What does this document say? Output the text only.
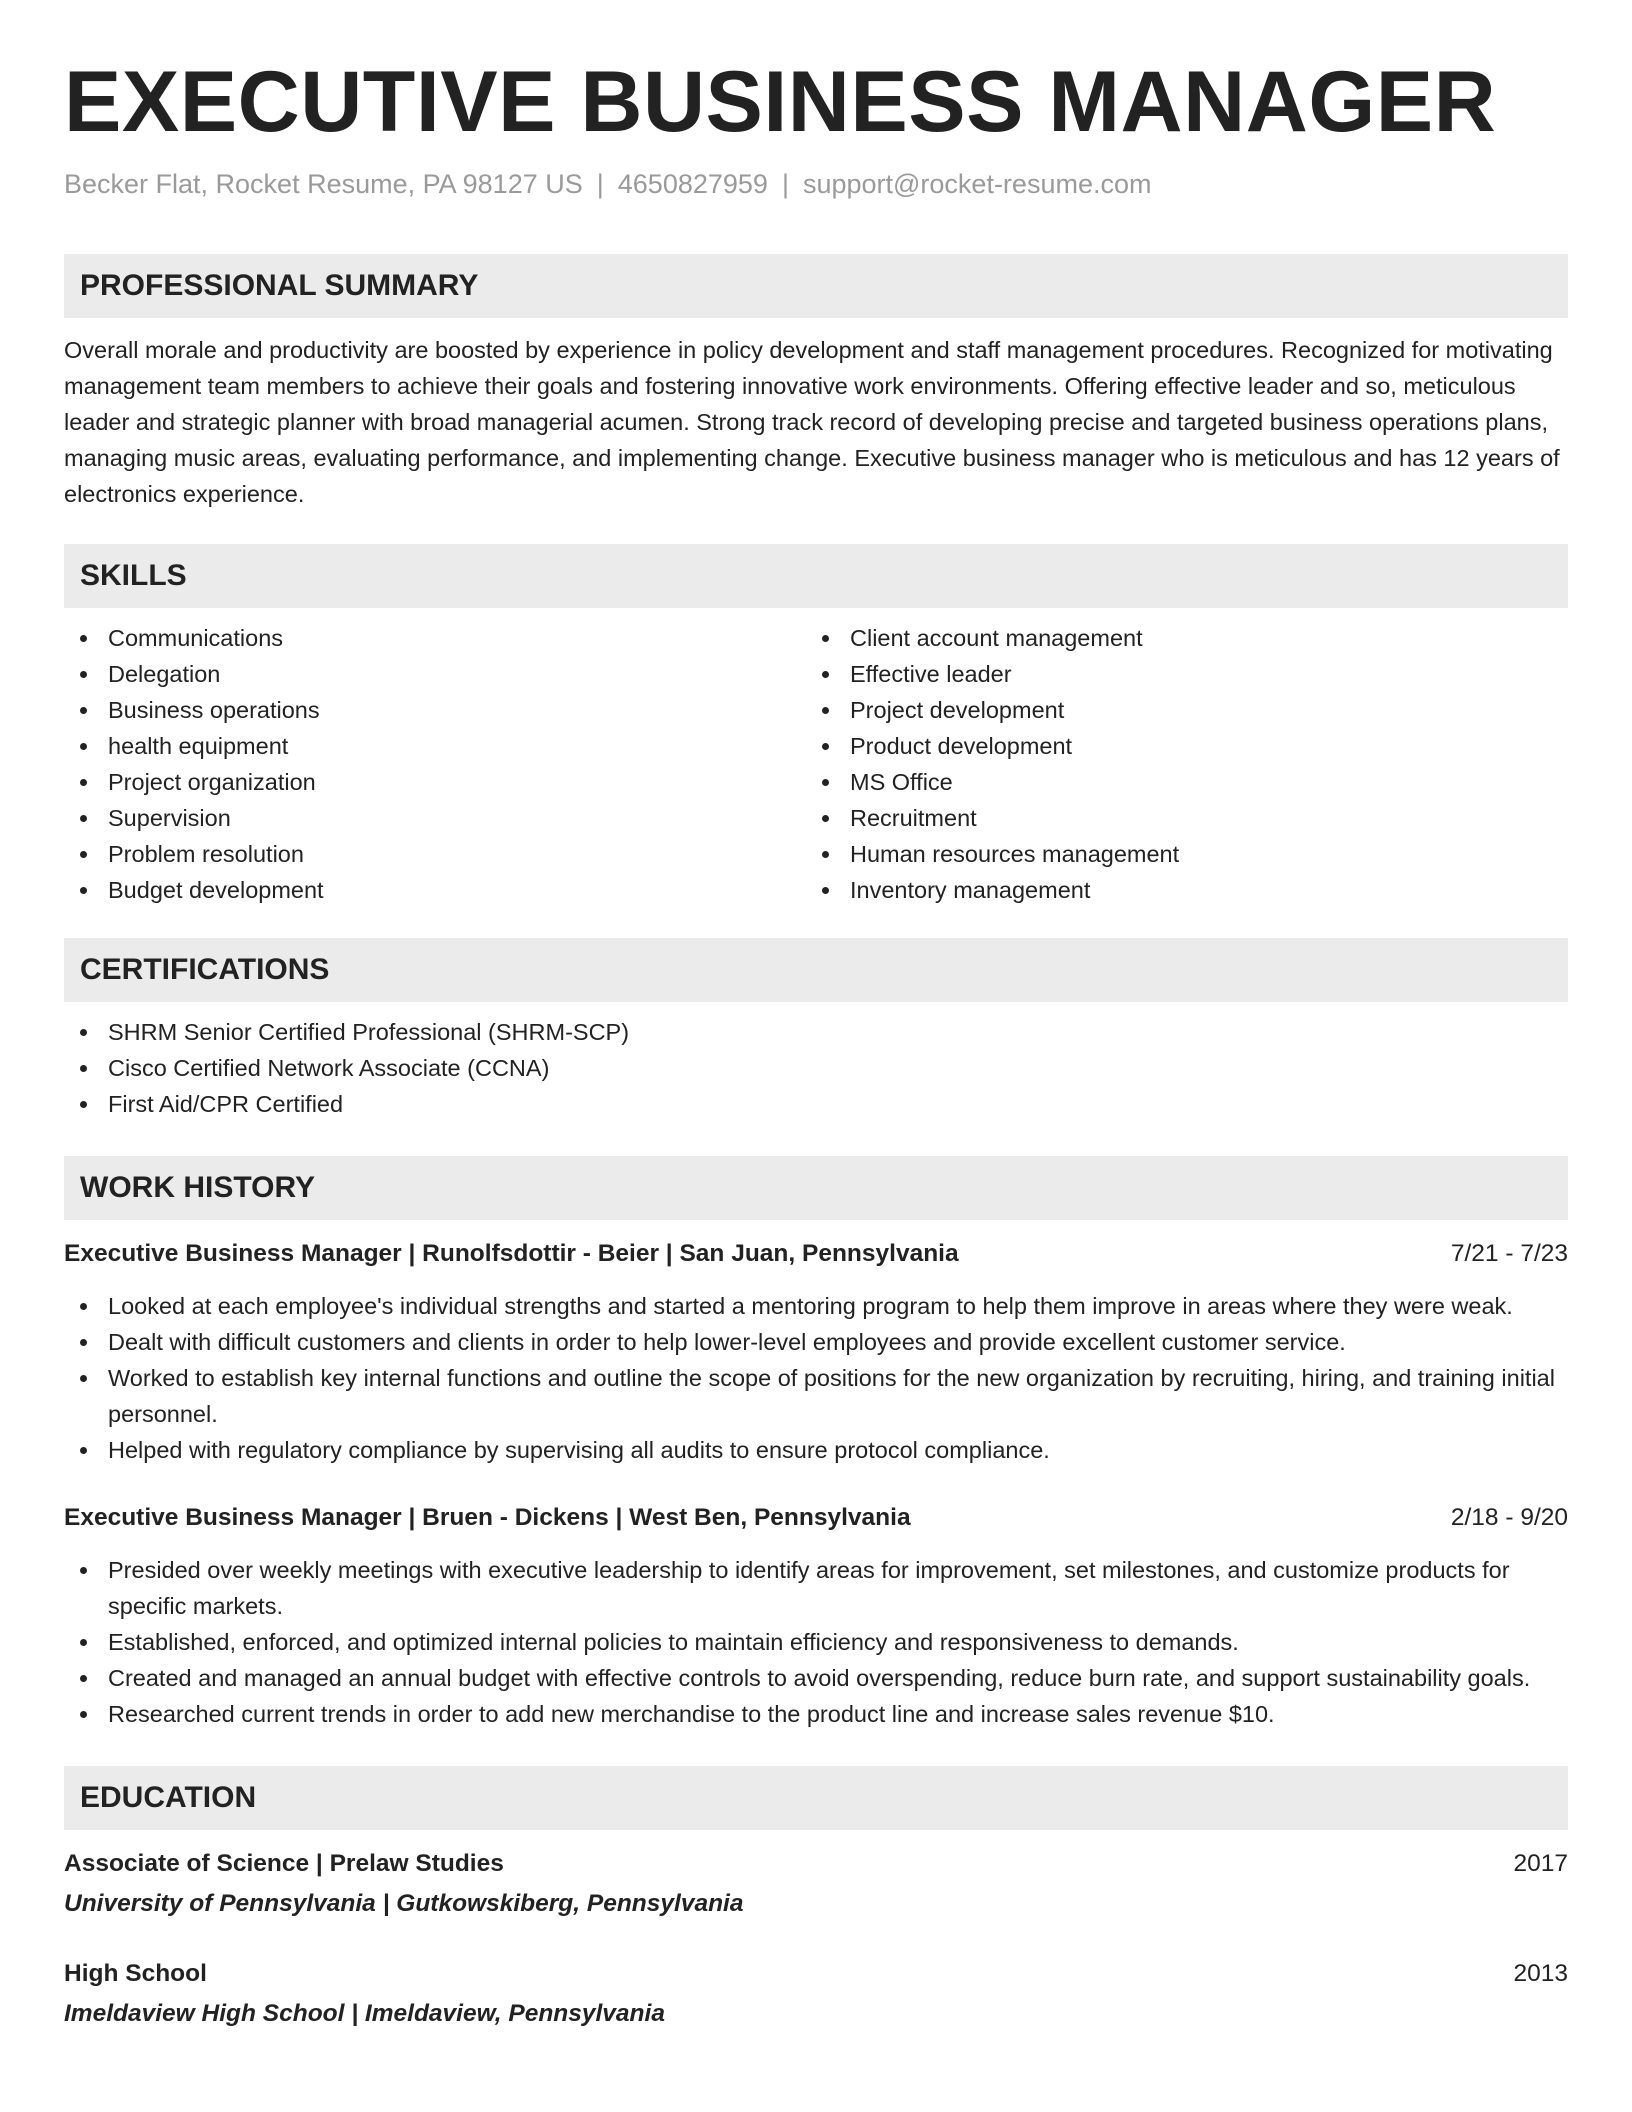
EXECUTIVE BUSINESS MANAGER
Becker Flat, Rocket Resume, PA 98127 US | 4650827959 | support@rocket-resume.com
PROFESSIONAL SUMMARY

Overall morale and productivity are boosted by experience in policy development and staff management procedures. Recognized for motivating management team members to achieve their goals and fostering innovative work environments. Offering effective leader and so, meticulous leader and strategic planner with broad managerial acumen. Strong track record of developing precise and targeted business operations plans, managing music areas, evaluating performance, and implementing change. Executive business manager who is meticulous and has 12 years of electronics experience.

SKILLS
Communications
Delegation
Business operations
health equipment
Project organization
Supervision
Problem resolution
Budget development
Client account management
Effective leader
Project development
Product development
MS Office
Recruitment
Human resources management
Inventory management
CERTIFICATIONS
SHRM Senior Certified Professional (SHRM-SCP)
Cisco Certified Network Associate (CCNA)
First Aid/CPR Certified
WORK HISTORY
Executive Business Manager | Runolfsdottir - Beier | San Juan, Pennsylvania	7/21 - 7/23
Looked at each employee's individual strengths and started a mentoring program to help them improve in areas where they were weak.
Dealt with difficult customers and clients in order to help lower-level employees and provide excellent customer service.
Worked to establish key internal functions and outline the scope of positions for the new organization by recruiting, hiring, and training initial personnel.
Helped with regulatory compliance by supervising all audits to ensure protocol compliance.
Executive Business Manager | Bruen - Dickens | West Ben, Pennsylvania	2/18 - 9/20
Presided over weekly meetings with executive leadership to identify areas for improvement, set milestones, and customize products for specific markets.
Established, enforced, and optimized internal policies to maintain efficiency and responsiveness to demands.
Created and managed an annual budget with effective controls to avoid overspending, reduce burn rate, and support sustainability goals.
Researched current trends in order to add new merchandise to the product line and increase sales revenue $10.
EDUCATION
Associate of Science | Prelaw Studies	2017
University of Pennsylvania | Gutkowskiberg, Pennsylvania
High School	2013
Imeldaview High School | Imeldaview, Pennsylvania
